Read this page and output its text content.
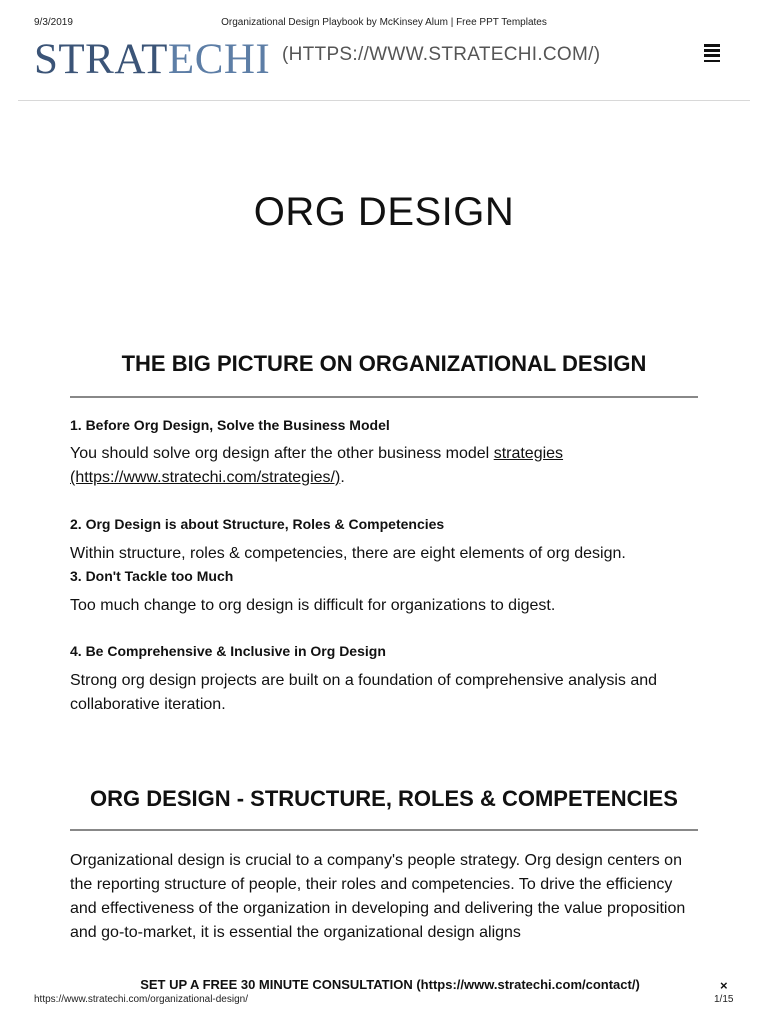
9/3/2019	Organizational Design Playbook by McKinsey Alum | Free PPT Templates
STRATECHI (HTTPS://WWW.STRATECHI.COM/)
ORG DESIGN
THE BIG PICTURE ON ORGANIZATIONAL DESIGN
1. Before Org Design, Solve the Business Model

You should solve org design after the other business model strategies
(https://www.stratechi.com/strategies/).

2. Org Design is about Structure, Roles & Competencies

Within structure, roles & competencies, there are eight elements of org design.

3. Don't Tackle too Much

Too much change to org design is difficult for organizations to digest.

4. Be Comprehensive & Inclusive in Org Design

Strong org design projects are built on a foundation of comprehensive analysis and collaborative iteration.

ORG DESIGN - STRUCTURE, ROLES & COMPETENCIES

Organizational design is crucial to a company's people strategy. Org design centers on the reporting structure of people, their roles and competencies. To drive the efficiency and effectiveness of the organization in developing and delivering the value proposition and go-to-market, it is essential the organizational design aligns

SET UP A FREE 30 MINUTE CONSULTATION (https://www.stratechi.com/contact/)	×
https://www.stratechi.com/organizational-design/	1/15
